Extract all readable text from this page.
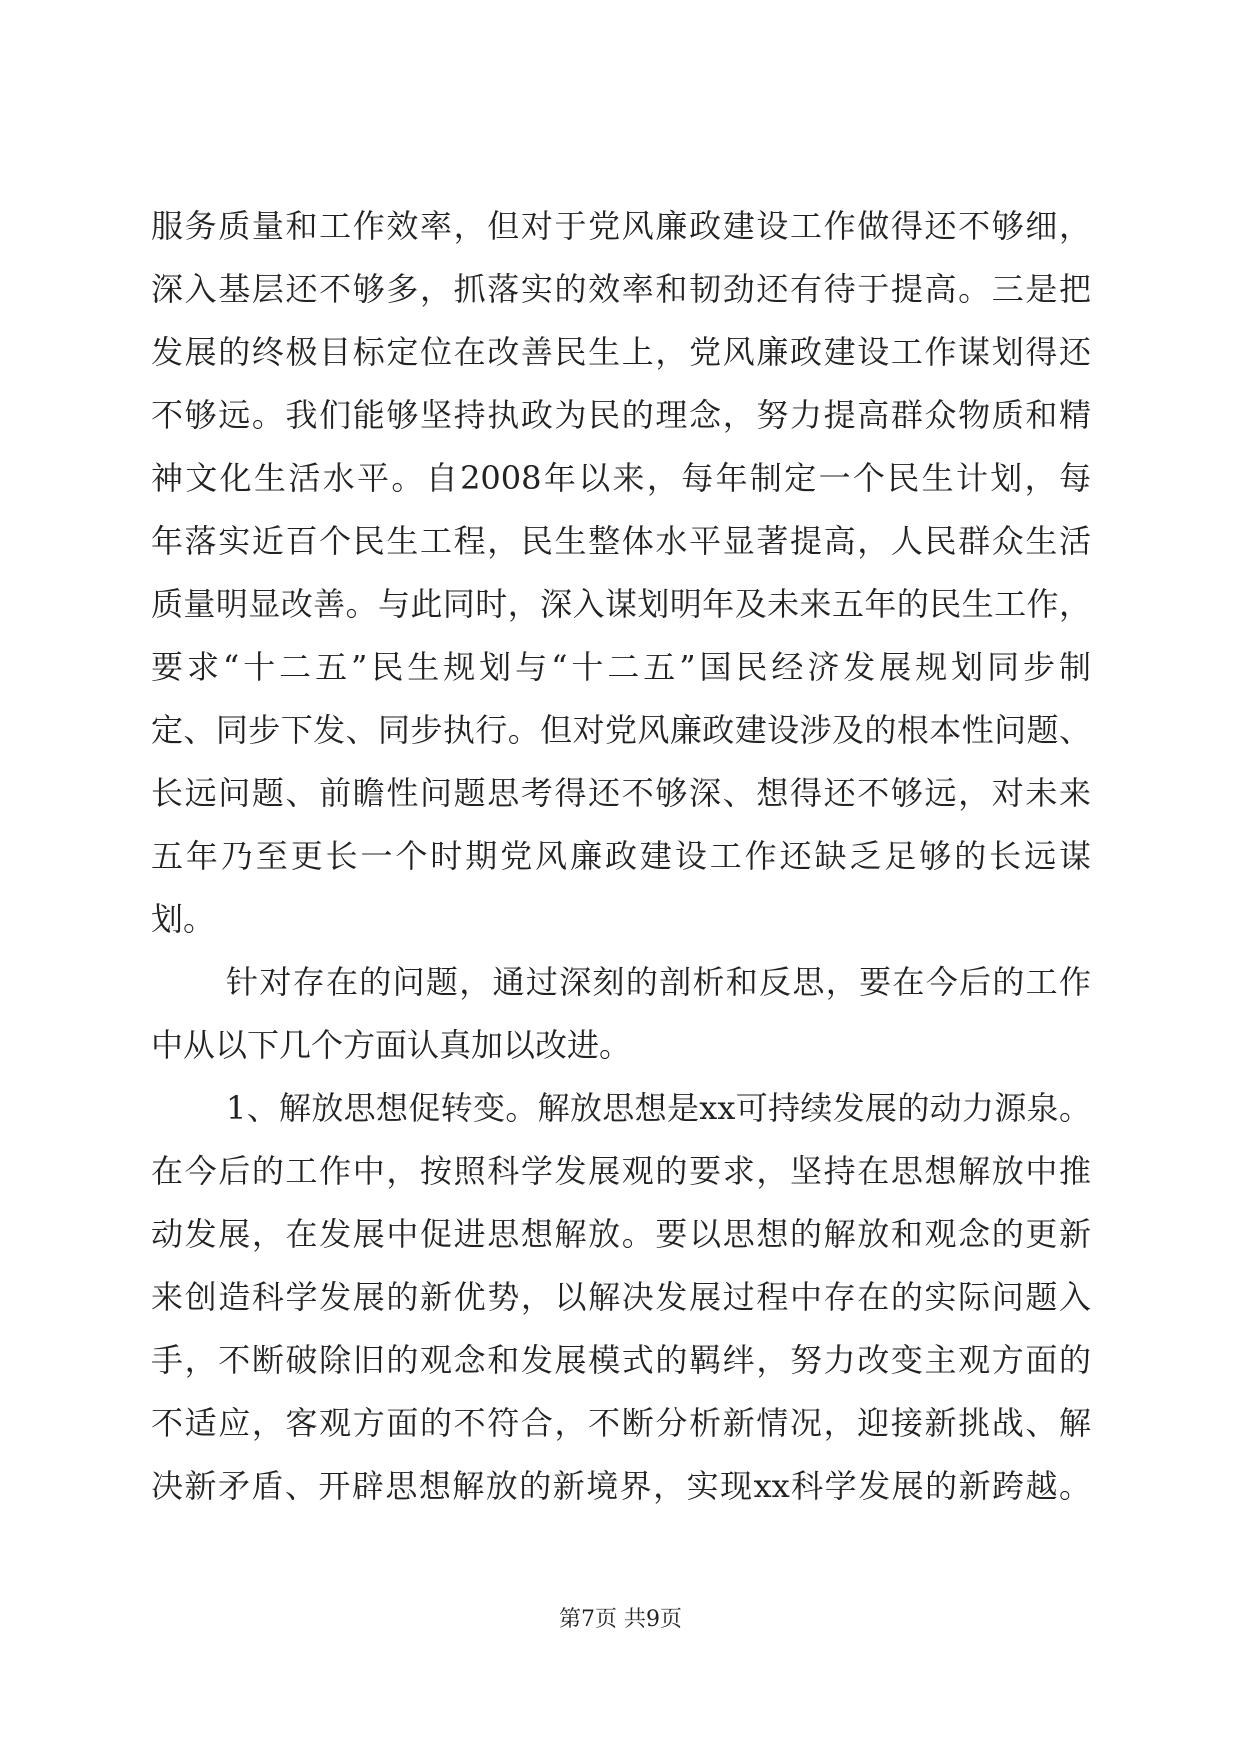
服务质量和工作效率，但对于党风廉政建设工作做得还不够细，
深入基层还不够多，抓落实的效率和韧劲还有待于提高。三是把
发展的终极目标定位在改善民生上，党风廉政建设工作谋划得还
不够远。我们能够坚持执政为民的理念，努力提高群众物质和精
神文化生活水平。自2008年以来，每年制定一个民生计划，每
年落实近百个民生工程，民生整体水平显著提高，人民群众生活
质量明显改善。与此同时，深入谋划明年及未来五年的民生工作，
要求“十二五”民生规划与“十二五”国民经济发展规划同步制
定、同步下发、同步执行。但对党风廉政建设涉及的根本性问题、
长远问题、前瞻性问题思考得还不够深、想得还不够远，对未来
五年乃至更长一个时期党风廉政建设工作还缺乏足够的长远谋
划。
针对存在的问题，通过深刻的剖析和反思，要在今后的工作
中从以下几个方面认真加以改进。
1、解放思想促转变。解放思想是xx可持续发展的动力源泉。
在今后的工作中，按照科学发展观的要求，坚持在思想解放中推
动发展，在发展中促进思想解放。要以思想的解放和观念的更新
来创造科学发展的新优势，以解决发展过程中存在的实际问题入
手，不断破除旧的观念和发展模式的羁绊，努力改变主观方面的
不适应，客观方面的不符合，不断分析新情况，迎接新挑战、解
决新矛盾、开辟思想解放的新境界，实现xx科学发展的新跨越。
第7页 共9页
